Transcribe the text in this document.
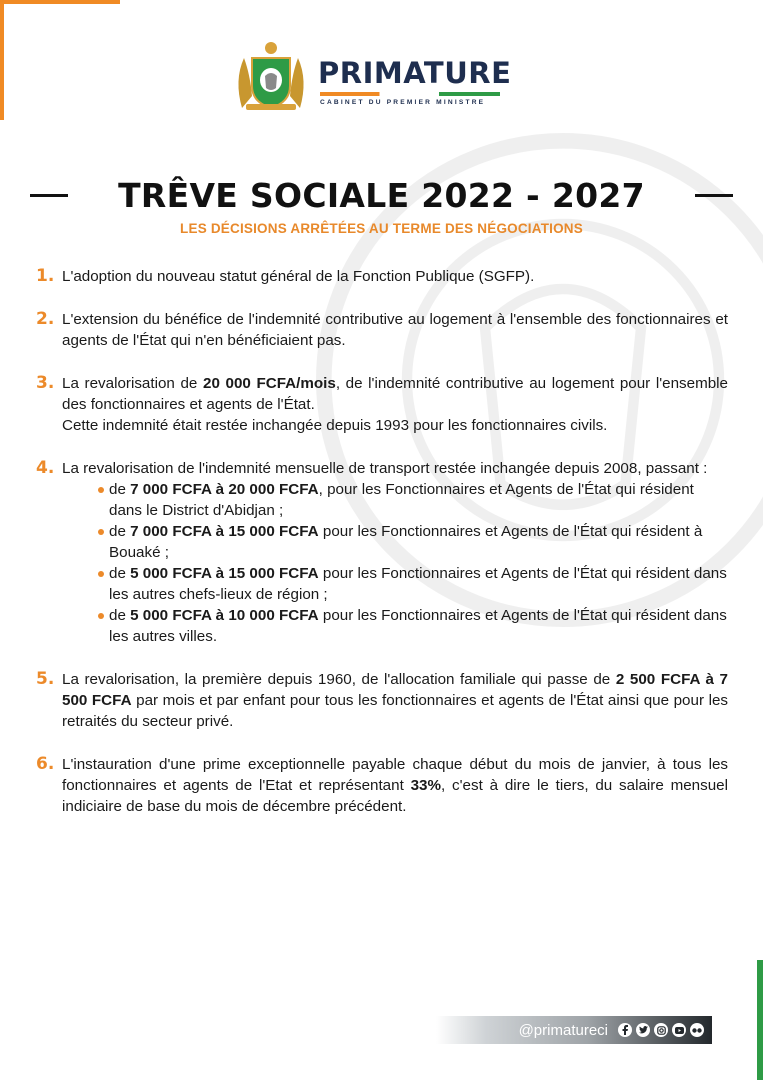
PRIMATURE
CABINET DU PREMIER MINISTRE
TRÊVE SOCIALE 2022 - 2027
LES DÉCISIONS ARRÊTÉES AU TERME DES NÉGOCIATIONS
1. L'adoption du nouveau statut général de la Fonction Publique (SGFP).
2. L'extension du bénéfice de l'indemnité contributive au logement à l'ensemble des fonctionnaires et agents de l'État qui n'en bénéficiaient pas.
3. La revalorisation de 20 000 FCFA/mois, de l'indemnité contributive au logement pour l'ensemble des fonctionnaires et agents de l'État.
Cette indemnité était restée inchangée depuis 1993 pour les fonctionnaires civils.
4. La revalorisation de l'indemnité mensuelle de transport restée inchangée depuis 2008, passant :
de 7 000 FCFA à 20 000 FCFA, pour les Fonctionnaires et Agents de l'État qui résident dans le District d'Abidjan ;
de 7 000 FCFA à 15 000 FCFA pour les Fonctionnaires et Agents de l'État qui résident à Bouaké ;
de 5 000 FCFA à 15 000 FCFA pour les Fonctionnaires et Agents de l'État qui résident dans les autres chefs-lieux de région ;
de 5 000 FCFA à 10 000 FCFA pour les Fonctionnaires et Agents de l'État qui résident dans les autres villes.
5. La revalorisation, la première depuis 1960, de l'allocation familiale qui passe de 2 500 FCFA à 7 500 FCFA par mois et par enfant pour tous les fonctionnaires et agents de l'État ainsi que pour les retraités du secteur privé.
6. L'instauration d'une prime exceptionnelle payable chaque début du mois de janvier, à tous les fonctionnaires et agents de l'Etat et représentant 33%, c'est à dire le tiers, du salaire mensuel indiciaire de base du mois de décembre précédent.
@primatureci
